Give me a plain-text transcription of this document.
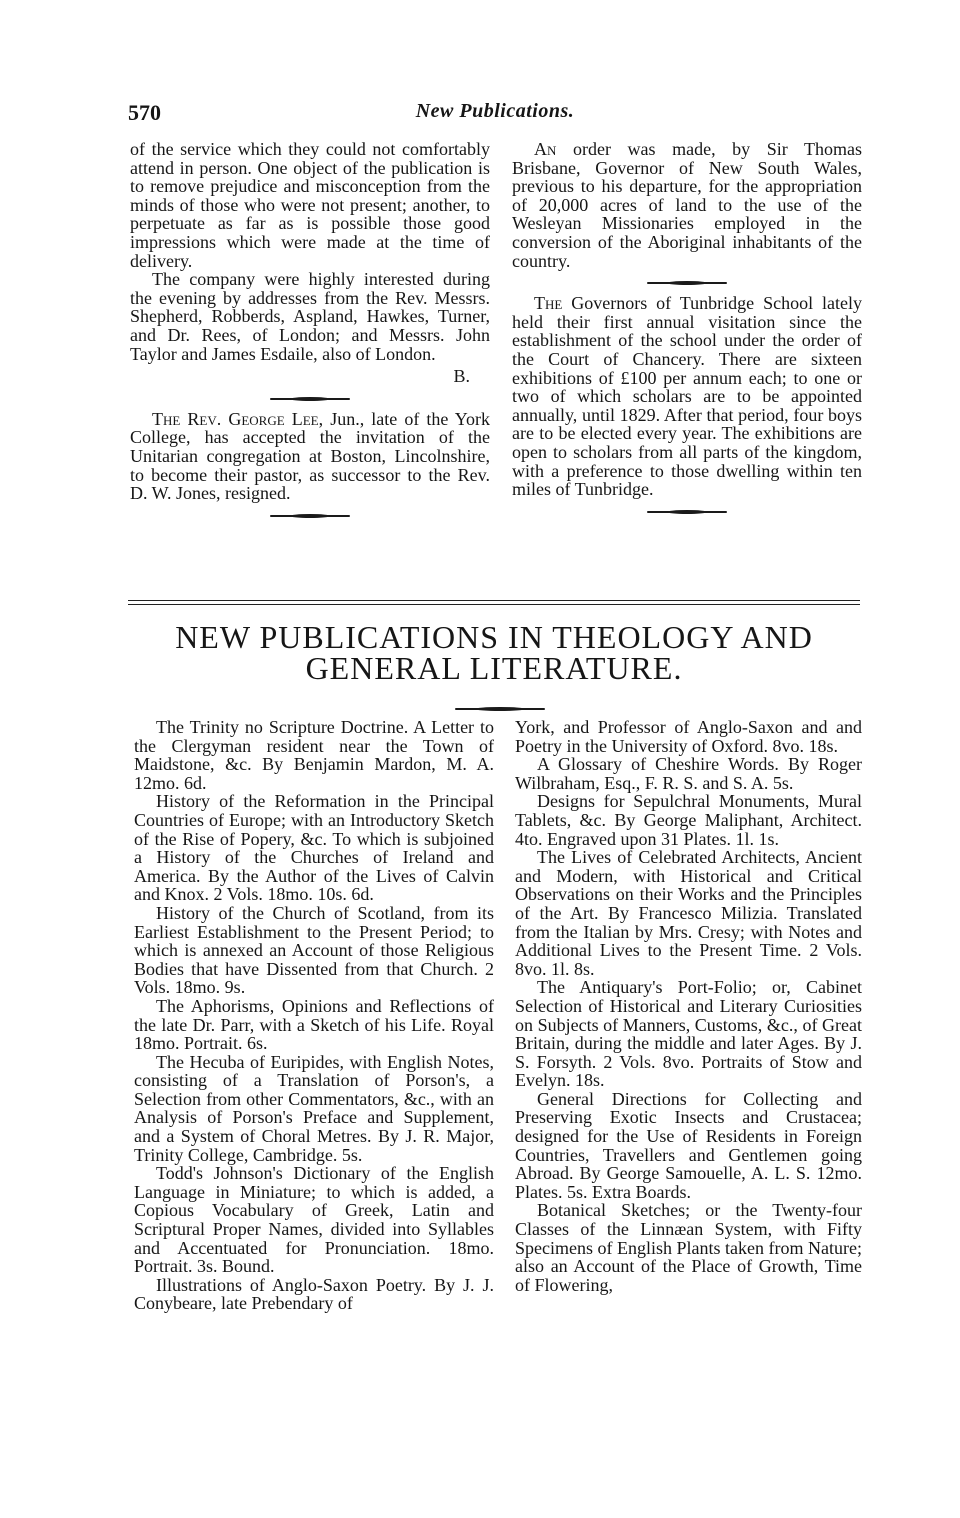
570	New Publications.

of the service which they could not comfortably attend in person. One object of the publication is to remove prejudice and misconception from the minds of those who were not present; another, to perpetuate as far as is possible those good impressions which were made at the time of delivery.

The company were highly interested during the evening by addresses from the Rev. Messrs. Shepherd, Robberds, Aspland, Hawkes, Turner, and Dr. Rees, of London; and Messrs. John Taylor and James Esdaile, also of London.

B.

The Rev. George Lee, Jun., late of the York College, has accepted the invitation of the Unitarian congregation at Boston, Lincolnshire, to become their pastor, as successor to the Rev. D. W. Jones, resigned.

An order was made, by Sir Thomas Brisbane, Governor of New South Wales, previous to his departure, for the appropriation of 20,000 acres of land to the use of the Wesleyan Missionaries employed in the conversion of the Aboriginal inhabitants of the country.

The Governors of Tunbridge School lately held their first annual visitation since the establishment of the school under the order of the Court of Chancery. There are sixteen exhibitions of £100 per annum each; to one or two of which scholars are to be appointed annually, until 1829. After that period, four boys are to be elected every year. The exhibitions are open to scholars from all parts of the kingdom, with a preference to those dwelling within ten miles of Tunbridge.

NEW PUBLICATIONS IN THEOLOGY AND
GENERAL LITERATURE.

The Trinity no Scripture Doctrine. A Letter to the Clergyman resident near the Town of Maidstone, &c. By Benjamin Mardon, M. A. 12mo. 6d.

History of the Reformation in the Principal Countries of Europe; with an Introductory Sketch of the Rise of Popery, &c. To which is subjoined a History of the Churches of Ireland and America. By the Author of the Lives of Calvin and Knox. 2 Vols. 18mo. 10s. 6d.

History of the Church of Scotland, from its Earliest Establishment to the Present Period; to which is annexed an Account of those Religious Bodies that have Dissented from that Church. 2 Vols. 18mo. 9s.

The Aphorisms, Opinions and Reflections of the late Dr. Parr, with a Sketch of his Life. Royal 18mo. Portrait. 6s.

The Hecuba of Euripides, with English Notes, consisting of a Translation of Porson's, a Selection from other Commentators, &c., with an Analysis of Porson's Preface and Supplement, and a System of Choral Metres. By J. R. Major, Trinity College, Cambridge. 5s.

Todd's Johnson's Dictionary of the English Language in Miniature; to which is added, a Copious Vocabulary of Greek, Latin and Scriptural Proper Names, divided into Syllables and Accentuated for Pronunciation. 18mo. Portrait. 3s. Bound.

Illustrations of Anglo-Saxon Poetry. By J. J. Conybeare, late Prebendary of

York, and Professor of Anglo-Saxon and and Poetry in the University of Oxford. 8vo. 18s.

A Glossary of Cheshire Words. By Roger Wilbraham, Esq., F. R. S. and S. A. 5s.

Designs for Sepulchral Monuments, Mural Tablets, &c. By George Maliphant, Architect. 4to. Engraved upon 31 Plates. 1l. 1s.

The Lives of Celebrated Architects, Ancient and Modern, with Historical and Critical Observations on their Works and the Principles of the Art. By Francesco Milizia. Translated from the Italian by Mrs. Cresy; with Notes and Additional Lives to the Present Time. 2 Vols. 8vo. 1l. 8s.

The Antiquary's Port-Folio; or, Cabinet Selection of Historical and Literary Curiosities on Subjects of Manners, Customs, &c., of Great Britain, during the middle and later Ages. By J. S. Forsyth. 2 Vols. 8vo. Portraits of Stow and Evelyn. 18s.

General Directions for Collecting and Preserving Exotic Insects and Crustacea; designed for the Use of Residents in Foreign Countries, Travellers and Gentlemen going Abroad. By George Samouelle, A. L. S. 12mo. Plates. 5s. Extra Boards.

Botanical Sketches; or the Twenty-four Classes of the Linnæan System, with Fifty Specimens of English Plants taken from Nature; also an Account of the Place of Growth, Time of Flowering,
